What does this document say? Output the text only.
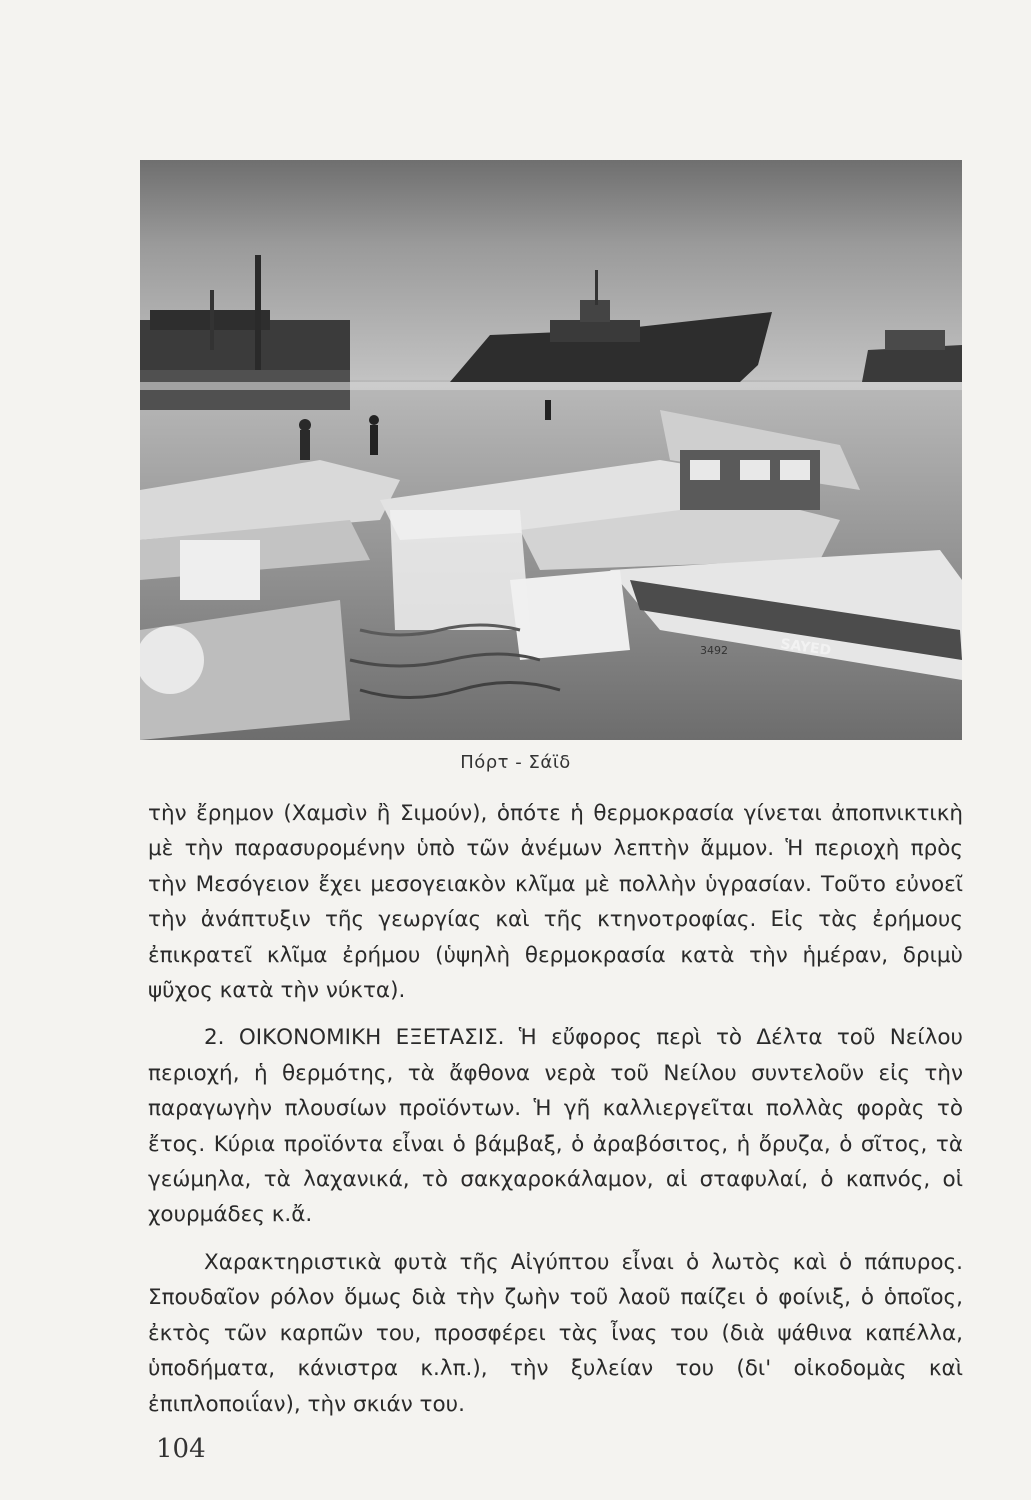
SAYED
3492
Πόρτ - Σάϊδ

τὴν ἔρημον (Χαμσὶν ἢ Σιμούν), ὁπότε ἡ θερμοκρασία γίνεται ἀποπνικτικὴ μὲ τὴν παρασυρομένην ὑπὸ τῶν ἀνέμων λεπτὴν ἄμμον. Ἡ περιοχὴ πρὸς τὴν Μεσόγειον ἔχει μεσογειακὸν κλῖμα μὲ πολλὴν ὑγρασίαν. Τοῦτο εὐνοεῖ τὴν ἀνάπτυξιν τῆς γεωργίας καὶ τῆς κτηνοτροφίας. Εἰς τὰς ἐρήμους ἐπικρατεῖ κλῖμα ἐρήμου (ὑψηλὴ θερμοκρασία κατὰ τὴν ἡμέραν, δριμὺ ψῦχος κατὰ τὴν νύκτα).

2. ΟΙΚΟΝΟΜΙΚΗ ΕΞΕΤΑΣΙΣ. Ἡ εὔφορος περὶ τὸ Δέλτα τοῦ Νείλου περιοχή, ἡ θερμότης, τὰ ἄφθονα νερὰ τοῦ Νείλου συντελοῦν εἰς τὴν παραγωγὴν πλουσίων προϊόντων. Ἡ γῆ καλλιεργεῖται πολλὰς φορὰς τὸ ἔτος. Κύρια προϊόντα εἶναι ὁ βάμβαξ, ὁ ἀραβόσιτος, ἡ ὄρυζα, ὁ σῖτος, τὰ γεώμηλα, τὰ λαχανικά, τὸ σακχαροκάλαμον, αἱ σταφυλαί, ὁ καπνός, οἱ χουρμάδες κ.ἄ.

Χαρακτηριστικὰ φυτὰ τῆς Αἰγύπτου εἶναι ὁ λωτὸς καὶ ὁ πάπυρος. Σπουδαῖον ρόλον ὅμως διὰ τὴν ζωὴν τοῦ λαοῦ παίζει ὁ φοίνιξ, ὁ ὁποῖος, ἐκτὸς τῶν καρπῶν του, προσφέρει τὰς ἶνας του (διὰ ψάθινα καπέλλα, ὑποδήματα, κάνιστρα κ.λπ.), τὴν ξυλείαν του (δι' οἰκοδομὰς καὶ ἐπιπλοποιΐαν), τὴν σκιάν του.

104
